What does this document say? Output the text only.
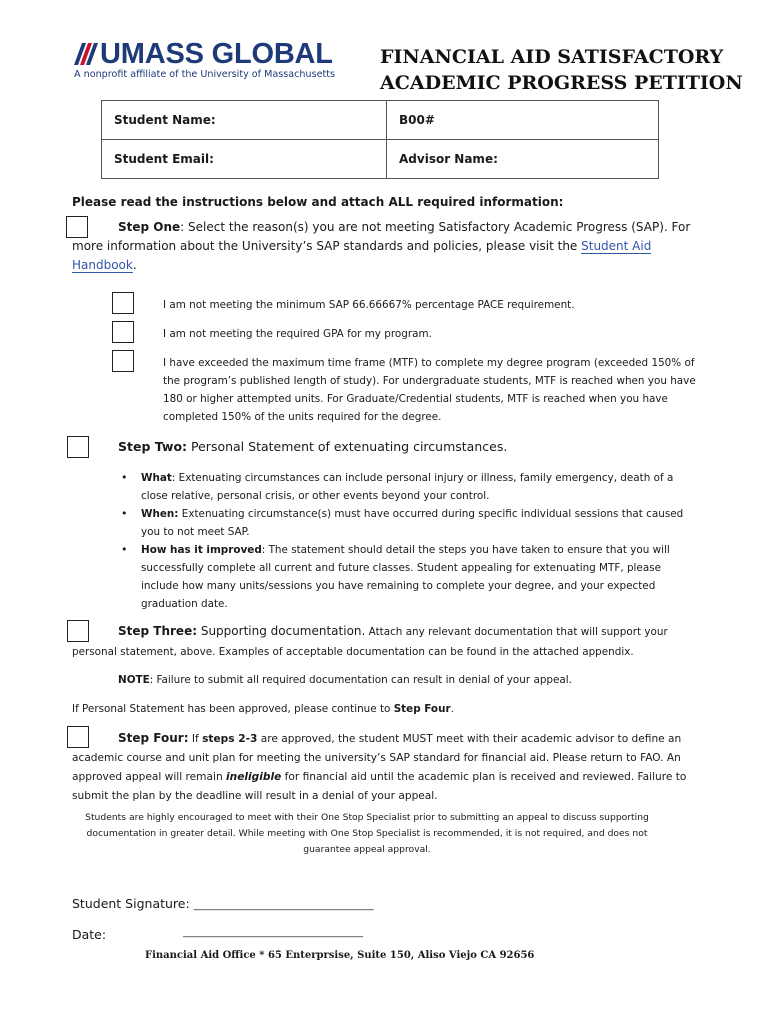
UMASS GLOBAL
A nonprofit affiliate of the University of Massachusetts
FINANCIAL AID SATISFACTORY
ACADEMIC PROGRESS PETITION
Student Name:	B00#
Student Email:	Advisor Name:
Please read the instructions below and attach ALL required information:
Step One: Select the reason(s) you are not meeting Satisfactory Academic Progress (SAP). For
more information about the University’s SAP standards and policies, please visit the Student Aid
Handbook.
I am not meeting the minimum SAP 66.66667% percentage PACE requirement.
I am not meeting the required GPA for my program.
I have exceeded the maximum time frame (MTF) to complete my degree program (exceeded 150% of the program’s published length of study). For undergraduate students, MTF is reached when you have 180 or higher attempted units. For Graduate/Credential students, MTF is reached when you have completed 150% of the units required for the degree.
Step Two: Personal Statement of extenuating circumstances.
• What: Extenuating circumstances can include personal injury or illness, family emergency, death of a close relative, personal crisis, or other events beyond your control.
• When: Extenuating circumstance(s) must have occurred during specific individual sessions that caused you to not meet SAP.
• How has it improved: The statement should detail the steps you have taken to ensure that you will successfully complete all current and future classes. Student appealing for extenuating MTF, please include how many units/sessions you have remaining to complete your degree, and your expected graduation date.
Step Three: Supporting documentation. Attach any relevant documentation that will support your
personal statement, above. Examples of acceptable documentation can be found in the attached appendix.
NOTE: Failure to submit all required documentation can result in denial of your appeal.
If Personal Statement has been approved, please continue to Step Four.
Step Four: If steps 2-3 are approved, the student MUST meet with their academic advisor to define an
academic course and unit plan for meeting the university’s SAP standard for financial aid. Please return to FAO. An
approved appeal will remain ineligible for financial aid until the academic plan is received and reviewed. Failure to
submit the plan by the deadline will result in a denial of your appeal.
Students are highly encouraged to meet with their One Stop Specialist prior to submitting an appeal to discuss supporting
documentation in greater detail. While meeting with One Stop Specialist is recommended, it is not required, and does not
guarantee appeal approval.
Student Signature: ____________________________________
Date:	____________________________________
Financial Aid Office * 65 Enterprsise, Suite 150, Aliso Viejo CA 92656
